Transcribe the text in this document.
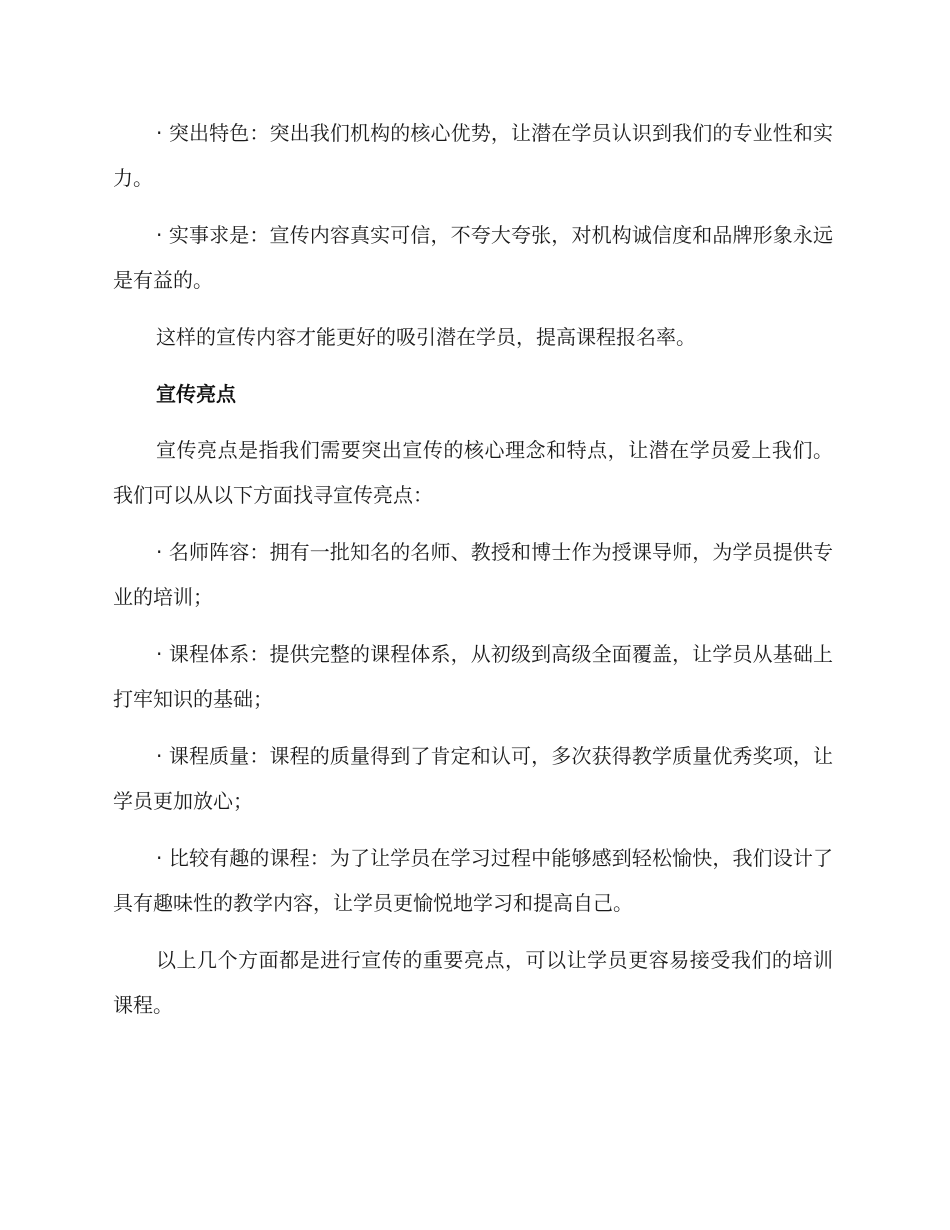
· 突出特色：突出我们机构的核心优势，让潜在学员认识到我们的专业性和实力。

· 实事求是：宣传内容真实可信，不夸大夸张，对机构诚信度和品牌形象永远是有益的。

这样的宣传内容才能更好的吸引潜在学员，提高课程报名率。

宣传亮点

宣传亮点是指我们需要突出宣传的核心理念和特点，让潜在学员爱上我们。我们可以从以下方面找寻宣传亮点：

· 名师阵容：拥有一批知名的名师、教授和博士作为授课导师，为学员提供专业的培训；

· 课程体系：提供完整的课程体系，从初级到高级全面覆盖，让学员从基础上打牢知识的基础；

· 课程质量：课程的质量得到了肯定和认可，多次获得教学质量优秀奖项，让学员更加放心；

· 比较有趣的课程：为了让学员在学习过程中能够感到轻松愉快，我们设计了具有趣味性的教学内容，让学员更愉悦地学习和提高自己。

以上几个方面都是进行宣传的重要亮点，可以让学员更容易接受我们的培训课程。
